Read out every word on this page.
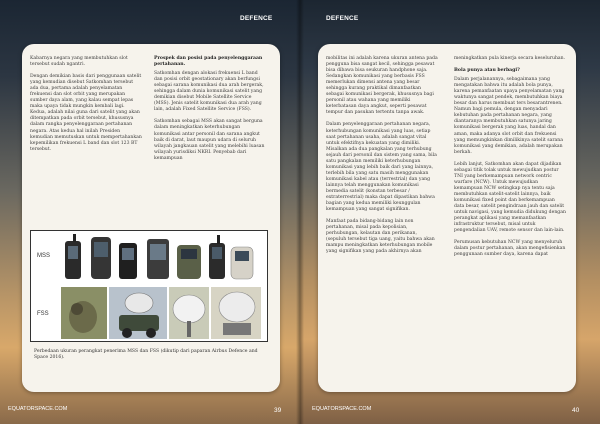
DEFENCE

Kabarnya negara yang membutuhkan slot tersebut sudah ngantri.

Dengan demikian basis dari penggunaan satelit yang kemudian disebut Satkomhan tersebut ada dua, pertama adalah penyelamatan frekuensi dan slot orbit yang merupakan sumber daya alam, yang kalau sempat lepas maka upaya tidak mungkin kembali lagi. Kedua, adalah nilai guna dari satelit yang akan ditempatkan pada orbit tersebut, khususnya dalam rangka penyelenggaraan pertahanan negara. Atas kedua hal inilah Presiden kemudian memutuskan untuk mempertahankan kepemilikan frekuensi L band dan slot 123 BT tersebut.

Prospek dan posisi pada penyelenggaraan pertahanan.

Satkomhan dengan alokasi frekuensi L band dan posisi orbit geostationary akan berfungsi sebagai sarana komunikasi dua arah bergerak, sehingga dalam dunia komunikasi satelit yang demikian disebut Mobile Satellite Service (MSS). Jenis satelit komunikasi dua arah yang lain, adalah Fixed Satellite Service (FSS).

Satkomhan sebagai MSS akan sangat berguna dalam meningkatkan keterhubungan komunikasi antar personil dan sarana angkut baik di darat, laut maupun udara di seluruh wilayah jangkauan satelit yang melebihi luasan wilayah yurisdiksi NKRI. Penyebab dari kemampuan

MSS
FSS

Perbedaan ukuran perangkat penerima MSS dan FSS (dikutip dari paparan Airbus Defence and Space 2016).

EQUATORSPACE.COM	39
DEFENCE

mobilitas ini adalah karena ukuran antena pada pengguna bisa sangat kecil, sehingga pesawat bisa dibawa bisa seukuran handphone saja. Sedangkan komunikasi yang berbasis FSS memerlukan dimensi antena yang besar sehingga kurang praktikal dimanfaatkan sebagai komunikasi bergerak, khususnya bagi personil atau wahana yang memiliki keterbatasan daya angkut, seperti pesawat tempur dan pasukan tertentu tanpa awak.

Dalam penyelenggaraan pertahanan negara, keterhubungan komunikasi yang luas, setiap saat pertahanan usaha, adalah sangat vital untuk efektifnya kekuatan yang dimiliki. Misalkan ada dua pangkalan yang terhubung sejauh dari personil dan sistem yang sama, bila satu pangkalan memiliki keterhubungan komunikasi yang lebih baik dari yang lainnya, terlebih bila yang satu masih menggunakan komunikasi kabel atau (terrestrial) dan yang lainnya telah menggunakan komunikasi bermedia satelit (konstan terbesar / extraterrestrial) maka dapat dipastikan bahwa bagian yang kedua memiliki keunggulan kemampuan yang sangat signifikan.

Manfaat pada bidang-bidang lain non pertahanan, misal pada kepolisian, perhubungan, kelautan dan perikanan, (sepuluh tersebut tiga uang, yaitu bahwa akan mampu meningkatkan keterhubungan mobile yang signifikan yang pada akhirnya akan

meningkatkan pula kinerja secara keseluruhan.

Bola punya atau berbagi?

Dalam perjalanannya, sebagaimana yang mengatakan bahwa itu adalah bola punya, karena pemanfaatan upaya penyelamatan yang waktunya sangat pendek, membutuhkan biaya besar dan harus membuat ters besarantrenen. Namun bagi pemula, dengan menyadari kebutuhan pada pertahanan negara, yang diantaranya membutuhkan satunya jaring komunikasi bergerak yang luas, handal dan aman, maka adanya slot orbit dan frekuensi yang memungkinkan dimilikinya satelit sarana komunikasi yang demikian, adalah merupakan berkah.

Lebih lanjut, Satkomhan akan dapat dijadikan sebagai titik tolak untuk mewujudkan postur TNI yang berkemampuan network centric warfare (NCW). Untuk mewujudkan kemampuan NCW setingkap nya tentu saja membutuhkan satelit-satelit lainnya, baik komunikasi fixed point dan berkemampuan data besar, satelit pengindraan jauh dan satelit untuk navigasi, yang kemudia didukung dengan perangkat aplikasi yang memanfaatkan infrastruktur tersebut, misal untuk pengendalian UAV, remote sensor dan lain-lain.

Perumusan kebutuhan NCW yang menyeluruh dalam postur pertahanan, akan mengefisienkan penggunaan sumber daya, karena dapat

EQUATORSPACE.COM	40
